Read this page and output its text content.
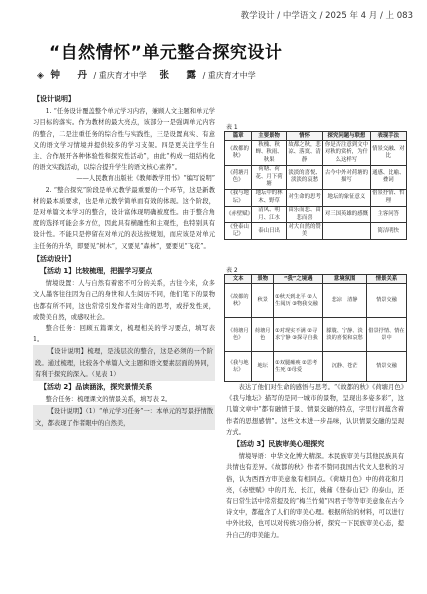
教学设计 / 中学语文 / 2025 年 4 月 / 上 083
“自然情怀”单元整合探究设计
◈ 钟　丹 / 重庆育才中学 张　露 / 重庆育才中学
【设计说明】

1. “任务设计覆盖整个单元学习内容，兼顾人文主题和单元学习目标的落实。作为教材的最大亮点，该部分一是强调单元内容的整合，二是注重任务的综合性与实践性，三是设置真实、有意义的语文学习情境并提供较多的学习支架。四是更关注学生自主、合作展开各种体验性和探究性活动”，由此“构成一组结构化的语文实践活动，以综合提升学生的语文核心素养”。

——人民教育出版社《教师教学用书》“编写说明”

2. “整合探究”阶段是单元教学最重要的一个环节，这是新教材的最本质要求，也是单元教学简单而有效的体现。这个阶段，是对单篇文本学习的整合，设计富体现明确被度性。由于整合角度的选择可能会多方位，因此具有横融性和主观性，也特别具有设计性。不能只是停留在对单元的表达按规划，而应该是对单元主任务的升华，即要见“树木”，又要见“森林”，要要见“飞花”。

【活动设计】
【活动 1】比较梳理，把握学习要点

情境设置：人与自然有着密不可分的关系，古往今来，众多文人墨客往往因为自己的身世和人生阅历不同，他们笔下的景物也都有所不同，这也常常引发作者对生命的思考，或抒发性灵，或赞美自然，或感叹社会。

整合任务：回顾五篇课文，梳理相关的学习要点，填写表 1。

【设计说明】梳理，是浅层次的整合，这是必须的一个阶段。通过梳理，比较各个单篇人文主题和语文要素层面的异同，有利于探究的深入。（见表 1）

【活动 2】品读涵泳，探究景情关系

整合任务：梳理课文的情景关系，填写表 2。

【设计说明】（1）“单元学习任务”一：本单元的写景抒情散文，都表现了作者眼中的自然美，

表 1
篇章	主要景物	情怀	探究问题与联想	表现手法
《故都的秋》	秋槐、秋蝉、秋雨、秋果	故都之秋，悲凉、落寞、清静	你是否注意到文中对秋的赏析，为什么这样写	情景交融、对比
《荷塘月色》	荷塘、荷花、月下荷塘	淡淡的喜悦、淡淡的哀愁	古今中外对荷塘的描写	通感、比喻、叠词
《我与地坛》	地坛中的林木、野草	对生命的思考	地坛的象征意义	借景抒情、哲理
《赤壁赋》	清风、明月、江水	由乐而悲、由悲而喜	对三国英雄的感慨	主客问答
《登泰山记》	泰山日出	对大自然的赞美		简洁明快
表 2
文本	景物	“我”之境遇	意境氛围	情景关系
《故都的秋》	秋景	①秋天到北平 ②人生阅历 ③物我交融	悲凉　清静	情景交融
《荷塘月色》	荷塘月色	①对现实不满 ②寻求宁静 ③探寻自我	朦胧、宁静、淡淡的喜悦和哀愁	借景抒情、情在景中
《我与地坛》	地坛	①双腿瘫痪 ②思考生死 ③母爱	沉静、苍茫	情景交融

表达了他们对生命的感悟与思考。“《故都的秋》《荷塘月色》《我与地坛》描写的是同一城市的景物，呈现出多姿多彩”，这几篇文章中“都有融情于景、情景交融的特点，字里行间蕴含着作者的思想感情”。这些文本进一步品味，认识情景交融的呈现方式。

【活动 3】民族审美心理探究

情境导语：中华文化博大精深。本民族审美与其他民族具有共情也有差异。《故都的秋》作者不赞同我国古代文人悲秋的习俗，认为西西方审美意象有相同点。《荷塘月色》中的荷花和月亮，《赤壁赋》中的月光、长江，姚鼐《登泰山记》的泰山，还有日常生活中常常提及的“梅兰竹菊”四君子等等审美意象在古今诗文中，都蕴含了人们的审美心理。根据所给的材料，可以进行中外比较，也可以对传统习俗分析，探究一下民族审美心态，提升自己的审美能力。
